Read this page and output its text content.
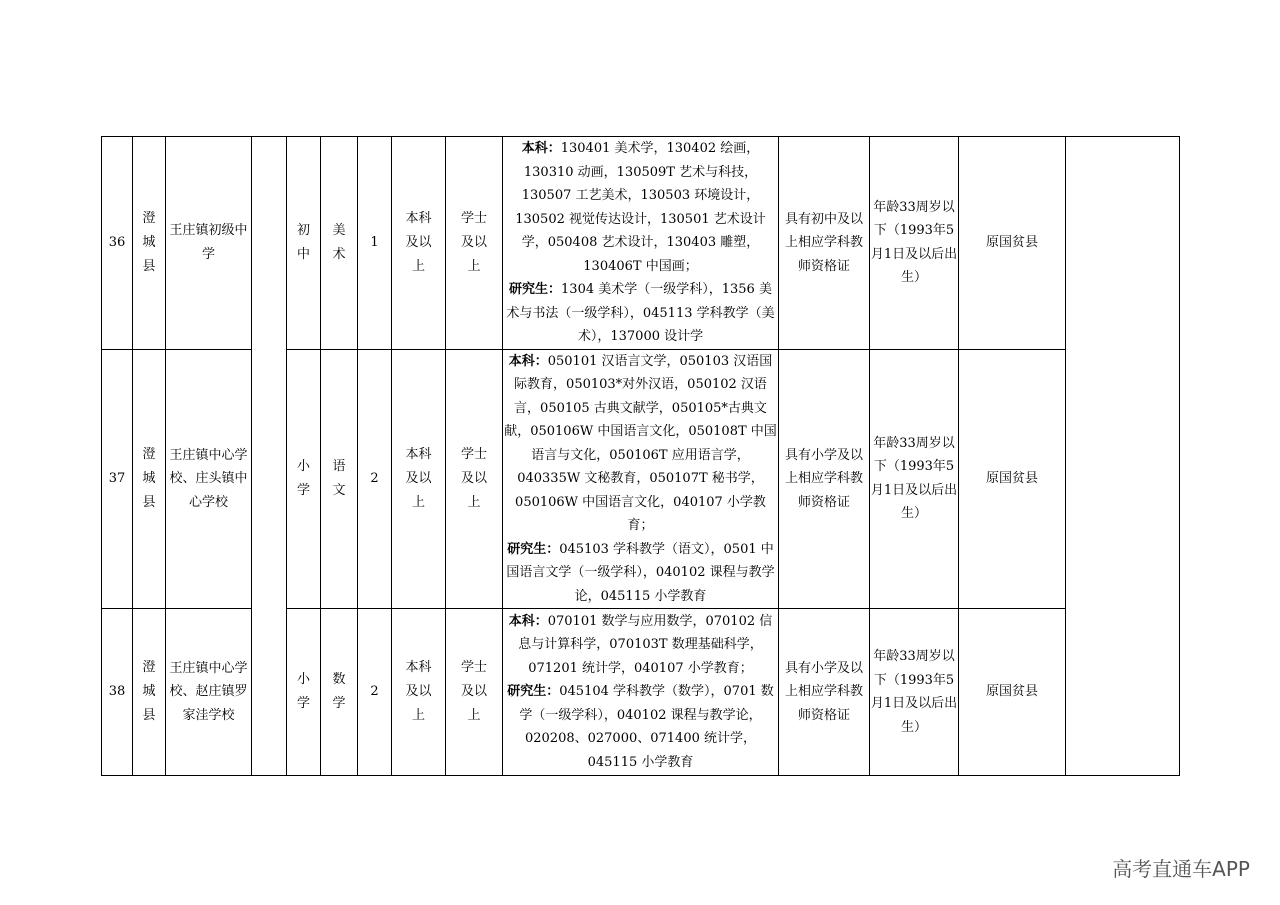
36	澄城县	王庄镇初级中学		初中	美术	1	本科及以上	学士及以上	本科：130401 美术学，130402 绘画，130310 动画，130509T 艺术与科技，130507 工艺美术，130503 环境设计，130502 视觉传达设计，130501 艺术设计学，050408 艺术设计，130403 雕塑，130406T 中国画；
研究生：1304 美术学（一级学科），1356 美术与书法（一级学科），045113 学科教学（美术），137000 设计学	具有初中及以上相应学科教师资格证	年龄33周岁以下（1993年5月1日及以后出生）	原国贫县	
37	澄城县	王庄镇中心学校、庄头镇中心学校		小学	语文	2	本科及以上	学士及以上	本科：050101 汉语言文学，050103 汉语国际教育，050103*对外汉语，050102 汉语言，050105 古典文献学，050105*古典文献，050106W 中国语言文化，050108T 中国语言与文化，050106T 应用语言学，040335W 文秘教育，050107T 秘书学，050106W 中国语言文化，040107 小学教育；
研究生：045103 学科教学（语文），0501 中国语言文学（一级学科），040102 课程与教学论，045115 小学教育	具有小学及以上相应学科教师资格证	年龄33周岁以下（1993年5月1日及以后出生）	原国贫县	
38	澄城县	王庄镇中心学校、赵庄镇罗家洼学校		小学	数学	2	本科及以上	学士及以上	本科：070101 数学与应用数学，070102 信息与计算科学，070103T 数理基础科学，071201 统计学，040107 小学教育；
研究生：045104 学科教学（数学），0701 数学（一级学科），040102 课程与教学论，020208、027000、071400 统计学，045115 小学教育	具有小学及以上相应学科教师资格证	年龄33周岁以下（1993年5月1日及以后出生）	原国贫县	
高考直通车APP
